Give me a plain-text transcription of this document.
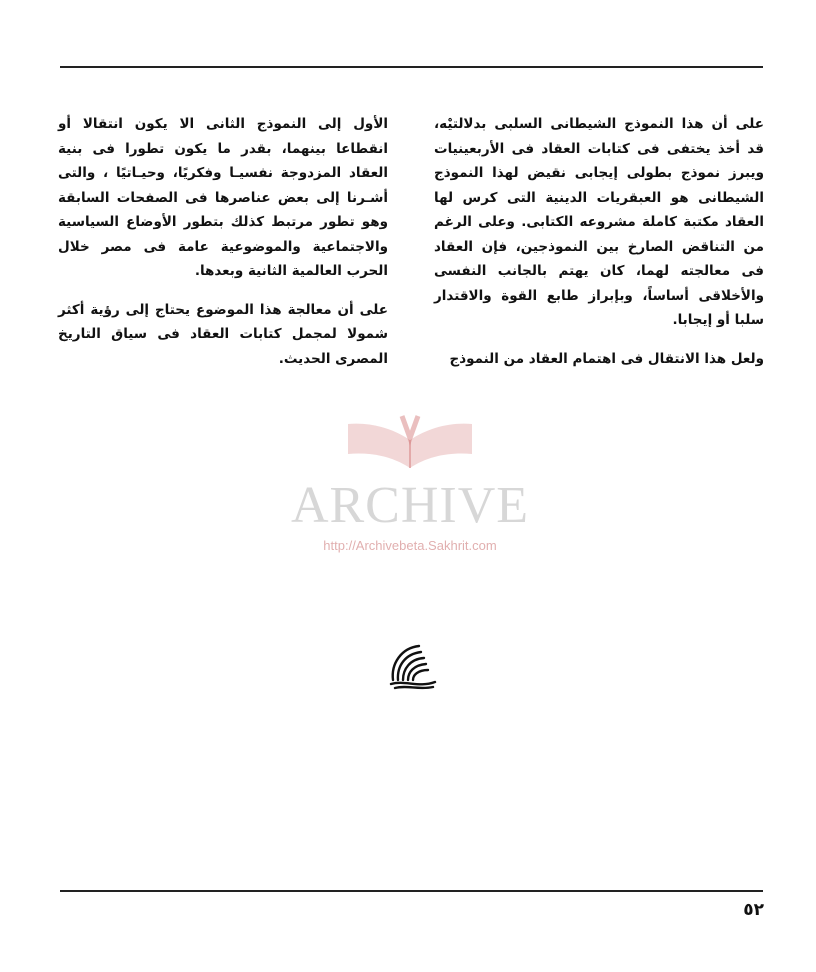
على أن هذا النموذج الشيطانى السلبى بدلالتيْه، قد أخذ يختفى فى كتابات العقاد فى الأربعينيات ويبرز نموذج بطولى إيجابى نقيض لهذا النموذج الشيطانى هو العبقريات الدينية التى كرس لها العقاد مكتبة كاملة مشروعه الكتابى. وعلى الرغم من التناقض الصارخ بين النموذجين، فإن العقاد فى معالجته لهما، كان يهتم بالجانب النفسى والأخلاقى أساساً، وبإبراز طابع القوة والاقتدار سلبا أو إيجابا.

ولعل هذا الانتقال فى اهتمام العقاد من النموذج

الأول إلى النموذج الثانى الا يكون انتقالا أو انقطاعا بينهما، بقدر ما يكون تطورا فى بنية العقاد المزدوجة نفسيـا وفكريًا، وحيـاتيًا ، والتى أشـرنا إلى بعض عناصرها فى الصفحات السابقة وهو تطور مرتبط كذلك بتطور الأوضاع السياسية والاجتماعية والموضوعية عامة فى مصر خلال الحرب العالمية الثانية وبعدها.

على أن معالجة هذا الموضوع يحتاج إلى رؤية أكثر شمولا لمجمل كتابات العقاد فى سياق التاريخ المصرى الحديث.

ARCHIVE
http://Archivebeta.Sakhrit.com
٥٢
